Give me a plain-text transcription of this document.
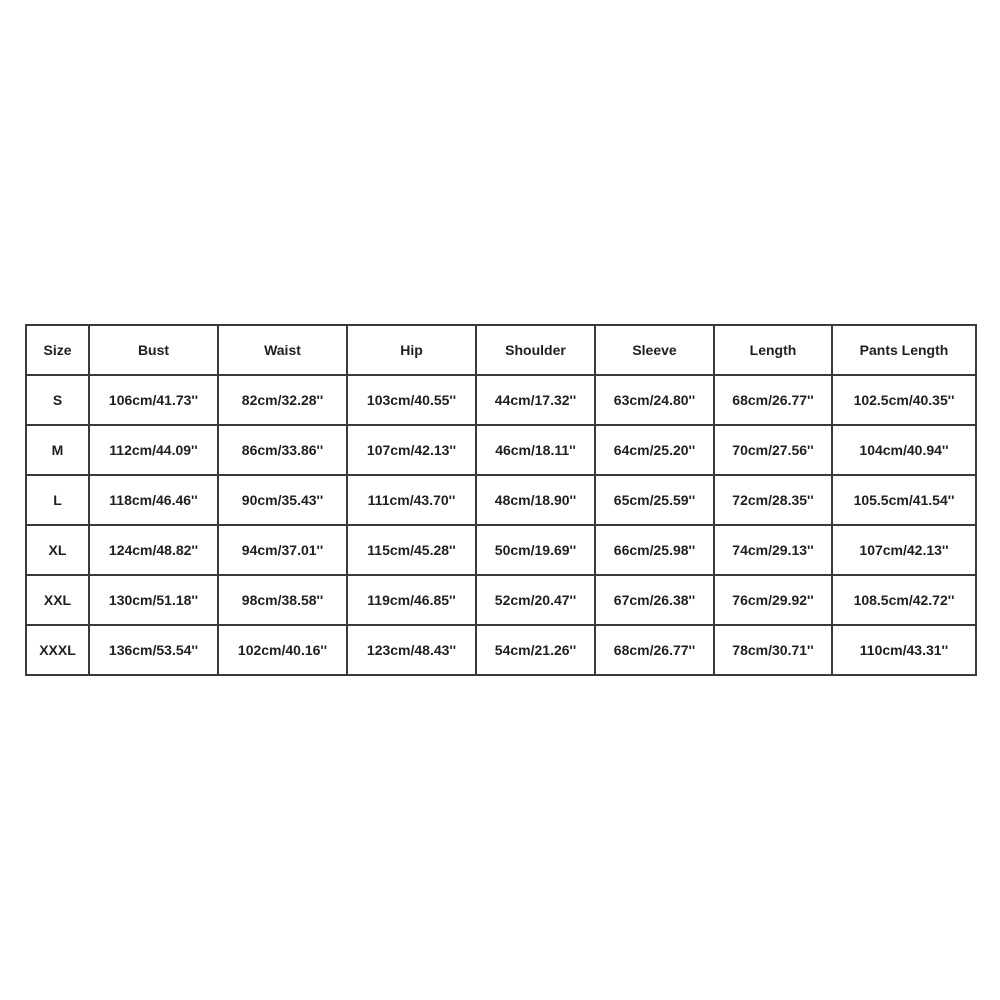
Size	Bust	Waist	Hip	Shoulder	Sleeve	Length	Pants Length
S	106cm/41.73''	82cm/32.28''	103cm/40.55''	44cm/17.32''	63cm/24.80''	68cm/26.77''	102.5cm/40.35''
M	112cm/44.09''	86cm/33.86''	107cm/42.13''	46cm/18.11''	64cm/25.20''	70cm/27.56''	104cm/40.94''
L	118cm/46.46''	90cm/35.43''	111cm/43.70''	48cm/18.90''	65cm/25.59''	72cm/28.35''	105.5cm/41.54''
XL	124cm/48.82''	94cm/37.01''	115cm/45.28''	50cm/19.69''	66cm/25.98''	74cm/29.13''	107cm/42.13''
XXL	130cm/51.18''	98cm/38.58''	119cm/46.85''	52cm/20.47''	67cm/26.38''	76cm/29.92''	108.5cm/42.72''
XXXL	136cm/53.54''	102cm/40.16''	123cm/48.43''	54cm/21.26''	68cm/26.77''	78cm/30.71''	110cm/43.31''
